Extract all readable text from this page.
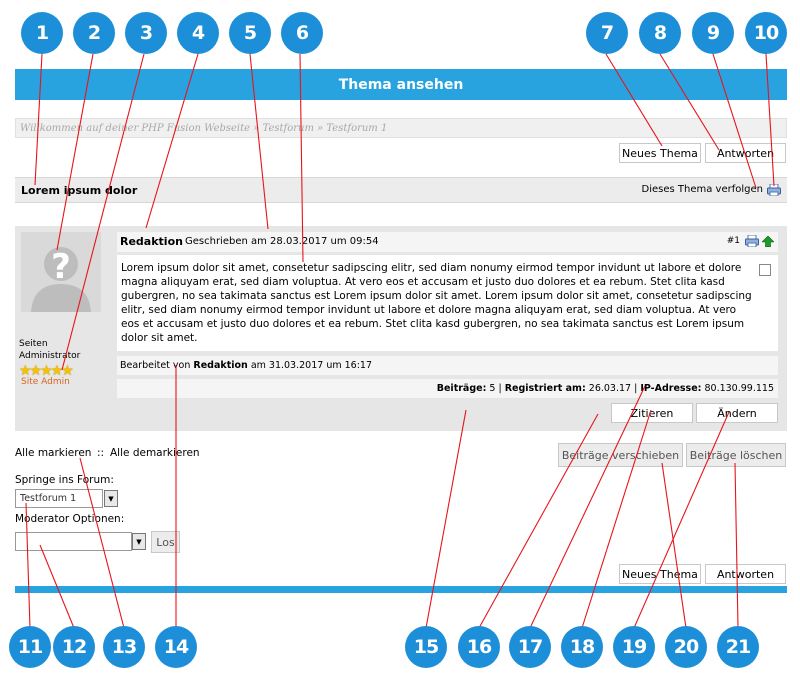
Thema ansehen
Willkommen auf deiner PHP Fusion Webseite » Testforum » Testforum 1
Neues Thema	Antworten
Lorem ipsum dolor	Dieses Thema verfolgen
?
Seiten
Administrator
★★★★★
Site Admin
Redaktion Geschrieben am 28.03.2017 um 09:54	#1
Lorem ipsum dolor sit amet, consetetur sadipscing elitr, sed diam nonumy eirmod tempor invidunt ut labore et dolore magna aliquyam erat, sed diam voluptua. At vero eos et accusam et justo duo dolores et ea rebum. Stet clita kasd gubergren, no sea takimata sanctus est Lorem ipsum dolor sit amet. Lorem ipsum dolor sit amet, consetetur sadipscing elitr, sed diam nonumy eirmod tempor invidunt ut labore et dolore magna aliquyam erat, sed diam voluptua. At vero eos et accusam et justo duo dolores et ea rebum. Stet clita kasd gubergren, no sea takimata sanctus est Lorem ipsum dolor sit amet.
Bearbeitet von Redaktion am 31.03.2017 um 16:17
Beiträge: 5 | Registriert am: 26.03.17 | IP-Adresse: 80.130.99.115
Zitieren	Ändern
Alle markieren :: Alle demarkieren
Springe ins Forum:
Testforum 1	▼
Moderator Optionen:
▼	Los
Beiträge verschieben Beiträge löschen
Neues Thema	Antworten
1	2	3	4	5	6	7	8	9	10
11	12	13	14	15	16	17	18	19	20	21
